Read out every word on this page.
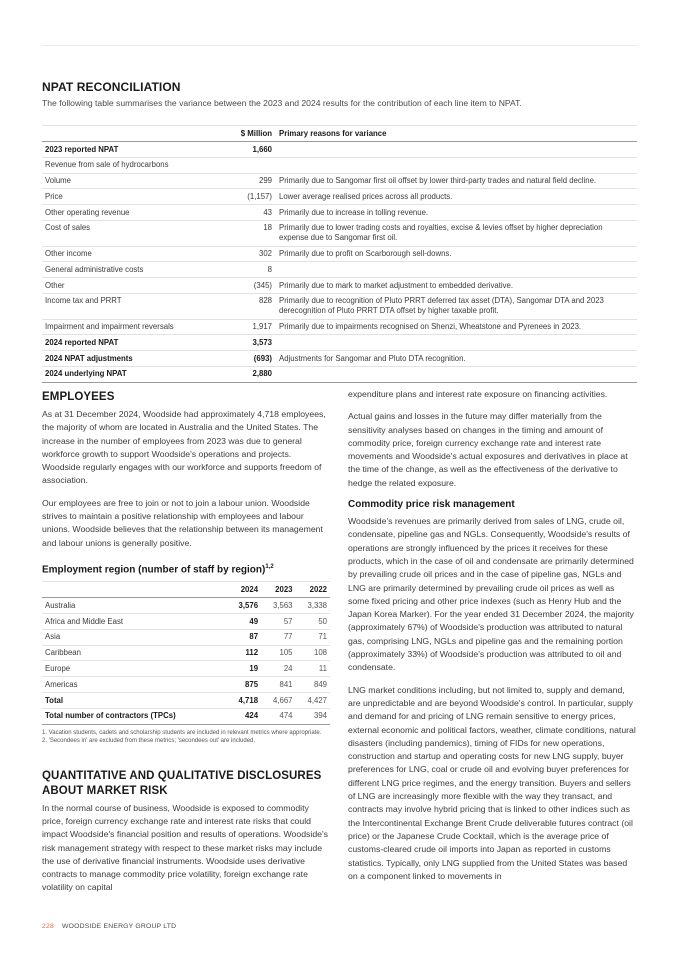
NPAT RECONCILIATION
The following table summarises the variance between the 2023 and 2024 results for the contribution of each line item to NPAT.
	$ Million	Primary reasons for variance
2023 reported NPAT	1,660	
Revenue from sale of hydrocarbons		
Volume	299	Primarily due to Sangomar first oil offset by lower third-party trades and natural field decline.
Price	(1,157)	Lower average realised prices across all products.
Other operating revenue	43	Primarily due to increase in tolling revenue.
Cost of sales	18	Primarily due to lower trading costs and royalties, excise & levies offset by higher depreciation expense due to Sangomar first oil.
Other income	302	Primarily due to profit on Scarborough sell-downs.
General administrative costs	8	
Other	(345)	Primarily due to mark to market adjustment to embedded derivative.
Income tax and PRRT	828	Primarily due to recognition of Pluto PRRT deferred tax asset (DTA), Sangomar DTA and 2023 derecognition of Pluto PRRT DTA offset by higher taxable profit.
Impairment and impairment reversals	1,917	Primarily due to impairments recognised on Shenzi, Wheatstone and Pyrenees in 2023.
2024 reported NPAT	3,573	
2024 NPAT adjustments	(693)	Adjustments for Sangomar and Pluto DTA recognition.
2024 underlying NPAT	2,880	
EMPLOYEES

As at 31 December 2024, Woodside had approximately 4,718 employees, the majority of whom are located in Australia and the United States. The increase in the number of employees from 2023 was due to general workforce growth to support Woodside's operations and projects. Woodside regularly engages with our workforce and supports freedom of association.

Our employees are free to join or not to join a labour union. Woodside strives to maintain a positive relationship with employees and labour unions. Woodside believes that the relationship between its management and labour unions is generally positive.

Employment region (number of staff by region)$^{1,2}$
	2024	2023	2022
Australia	3,576	3,563	3,338
Africa and Middle East	49	57	50
Asia	87	77	71
Caribbean	112	105	108
Europe	19	24	11
Americas	875	841	849
Total	4,718	4,667	4,427
Total number of contractors (TPCs)	424	474	394
1. Vacation students, cadets and scholarship students are included in relevant metrics where appropriate.
2. 'Secondees in' are excluded from these metrics; 'secondees out' are included.
QUANTITATIVE AND QUALITATIVE DISCLOSURES ABOUT MARKET RISK

In the normal course of business, Woodside is exposed to commodity price, foreign currency exchange rate and interest rate risks that could impact Woodside's financial position and results of operations. Woodside's risk management strategy with respect to these market risks may include the use of derivative financial instruments. Woodside uses derivative contracts to manage commodity price volatility, foreign exchange rate volatility on capital

expenditure plans and interest rate exposure on financing activities.

Actual gains and losses in the future may differ materially from the sensitivity analyses based on changes in the timing and amount of commodity price, foreign currency exchange rate and interest rate movements and Woodside's actual exposures and derivatives in place at the time of the change, as well as the effectiveness of the derivative to hedge the related exposure.

Commodity price risk management

Woodside's revenues are primarily derived from sales of LNG, crude oil, condensate, pipeline gas and NGLs. Consequently, Woodside's results of operations are strongly influenced by the prices it receives for these products, which in the case of oil and condensate are primarily determined by prevailing crude oil prices and in the case of pipeline gas, NGLs and LNG are primarily determined by prevailing crude oil prices as well as some fixed pricing and other price indexes (such as Henry Hub and the Japan Korea Marker). For the year ended 31 December 2024, the majority (approximately 67%) of Woodside's production was attributed to natural gas, comprising LNG, NGLs and pipeline gas and the remaining portion (approximately 33%) of Woodside's production was attributed to oil and condensate.

LNG market conditions including, but not limited to, supply and demand, are unpredictable and are beyond Woodside's control. In particular, supply and demand for and pricing of LNG remain sensitive to energy prices, external economic and political factors, weather, climate conditions, natural disasters (including pandemics), timing of FIDs for new operations, construction and startup and operating costs for new LNG supply, buyer preferences for LNG, coal or crude oil and evolving buyer preferences for different LNG price regimes, and the energy transition. Buyers and sellers of LNG are increasingly more flexible with the way they transact, and contracts may involve hybrid pricing that is linked to other indices such as the Intercontinental Exchange Brent Crude deliverable futures contract (oil price) or the Japanese Crude Cocktail, which is the average price of customs-cleared crude oil imports into Japan as reported in customs statistics. Typically, only LNG supplied from the United States was based on a component linked to movements in

228 WOODSIDE ENERGY GROUP LTD
